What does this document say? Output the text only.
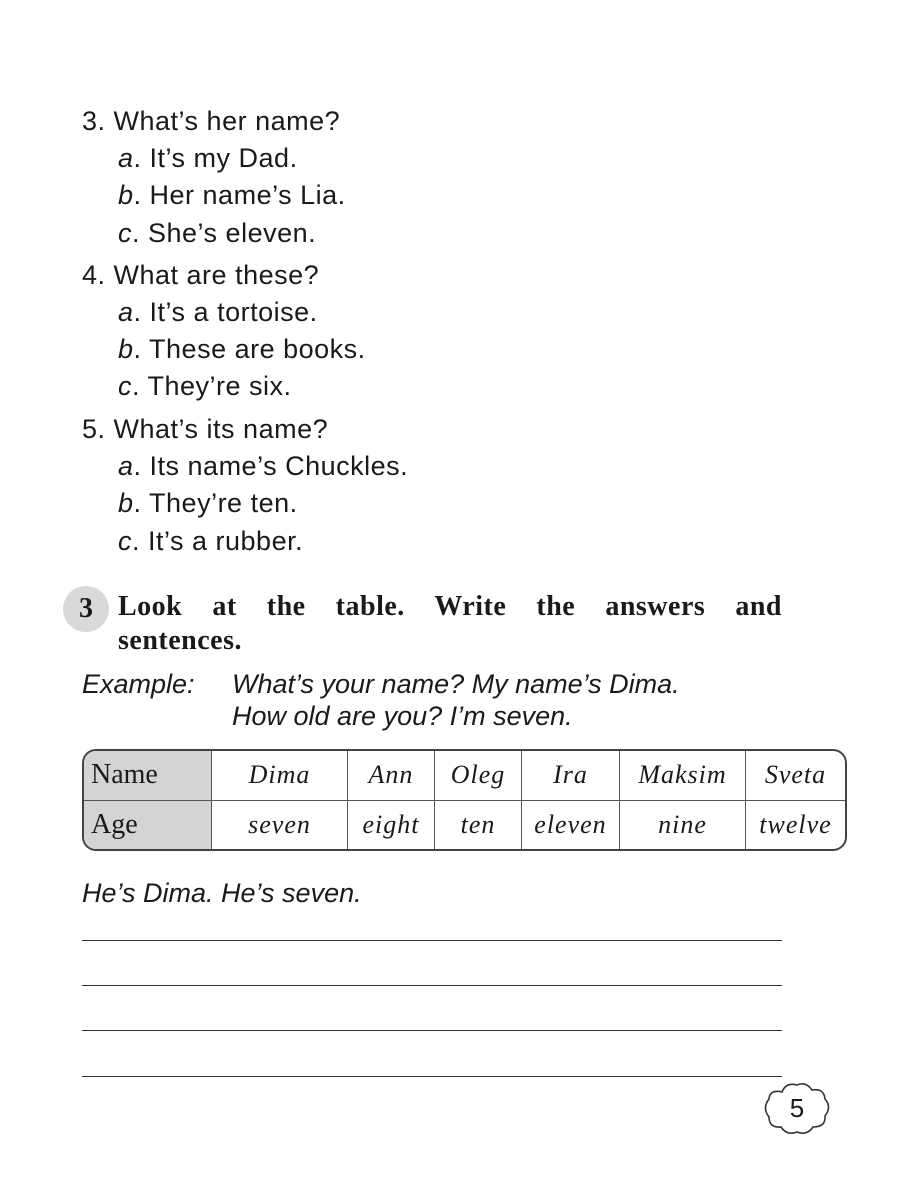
3. What’s her name?
a. It’s my Dad.
b. Her name’s Lia.
c. She’s eleven.
4. What are these?
a. It’s a tortoise.
b. These are books.
c. They’re six.
5. What’s its name?
a. Its name’s Chuckles.
b. They’re ten.
c. It’s a rubber.
3 Look at the table. Write the answers and sentences.
Example: What’s your name? My name’s Dima.
How old are you? I’m seven.
Name	Dima	Ann	Oleg	Ira	Maksim	Sveta
Age	seven	eight	ten	eleven	nine	twelve
He’s Dima. He’s seven.
5
